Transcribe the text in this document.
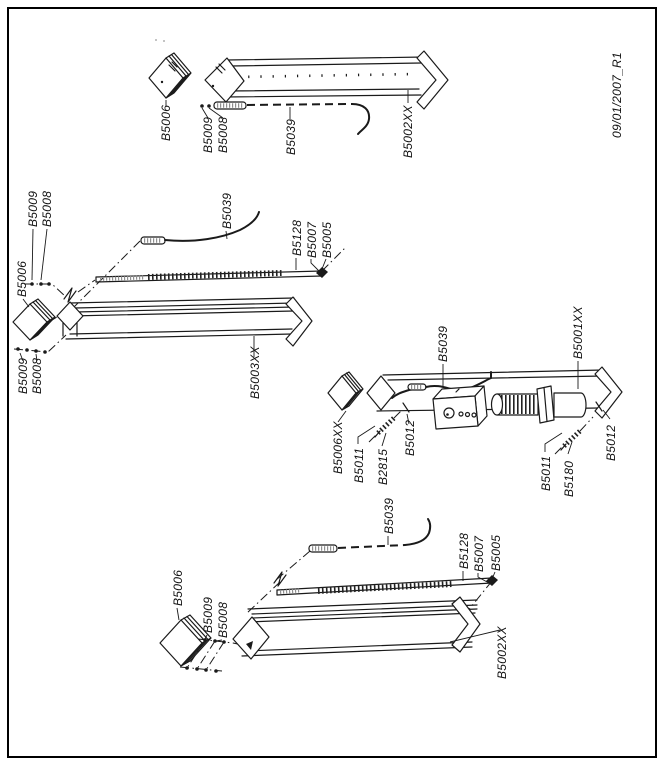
09/01/2007_R1
B5006 B5009 B5008	B5039	B5002XX
B5039
B5128 B5007 B5005
B5009 B5008
B5006
B5009 B5008	B5003XX
B5039	B5001XX
B5006XX B5011 B2815
B5012
B5011 B5180
B5012
B5039
B5128 B5007 B5005
B5006
B5009 B5008
B5002XX
